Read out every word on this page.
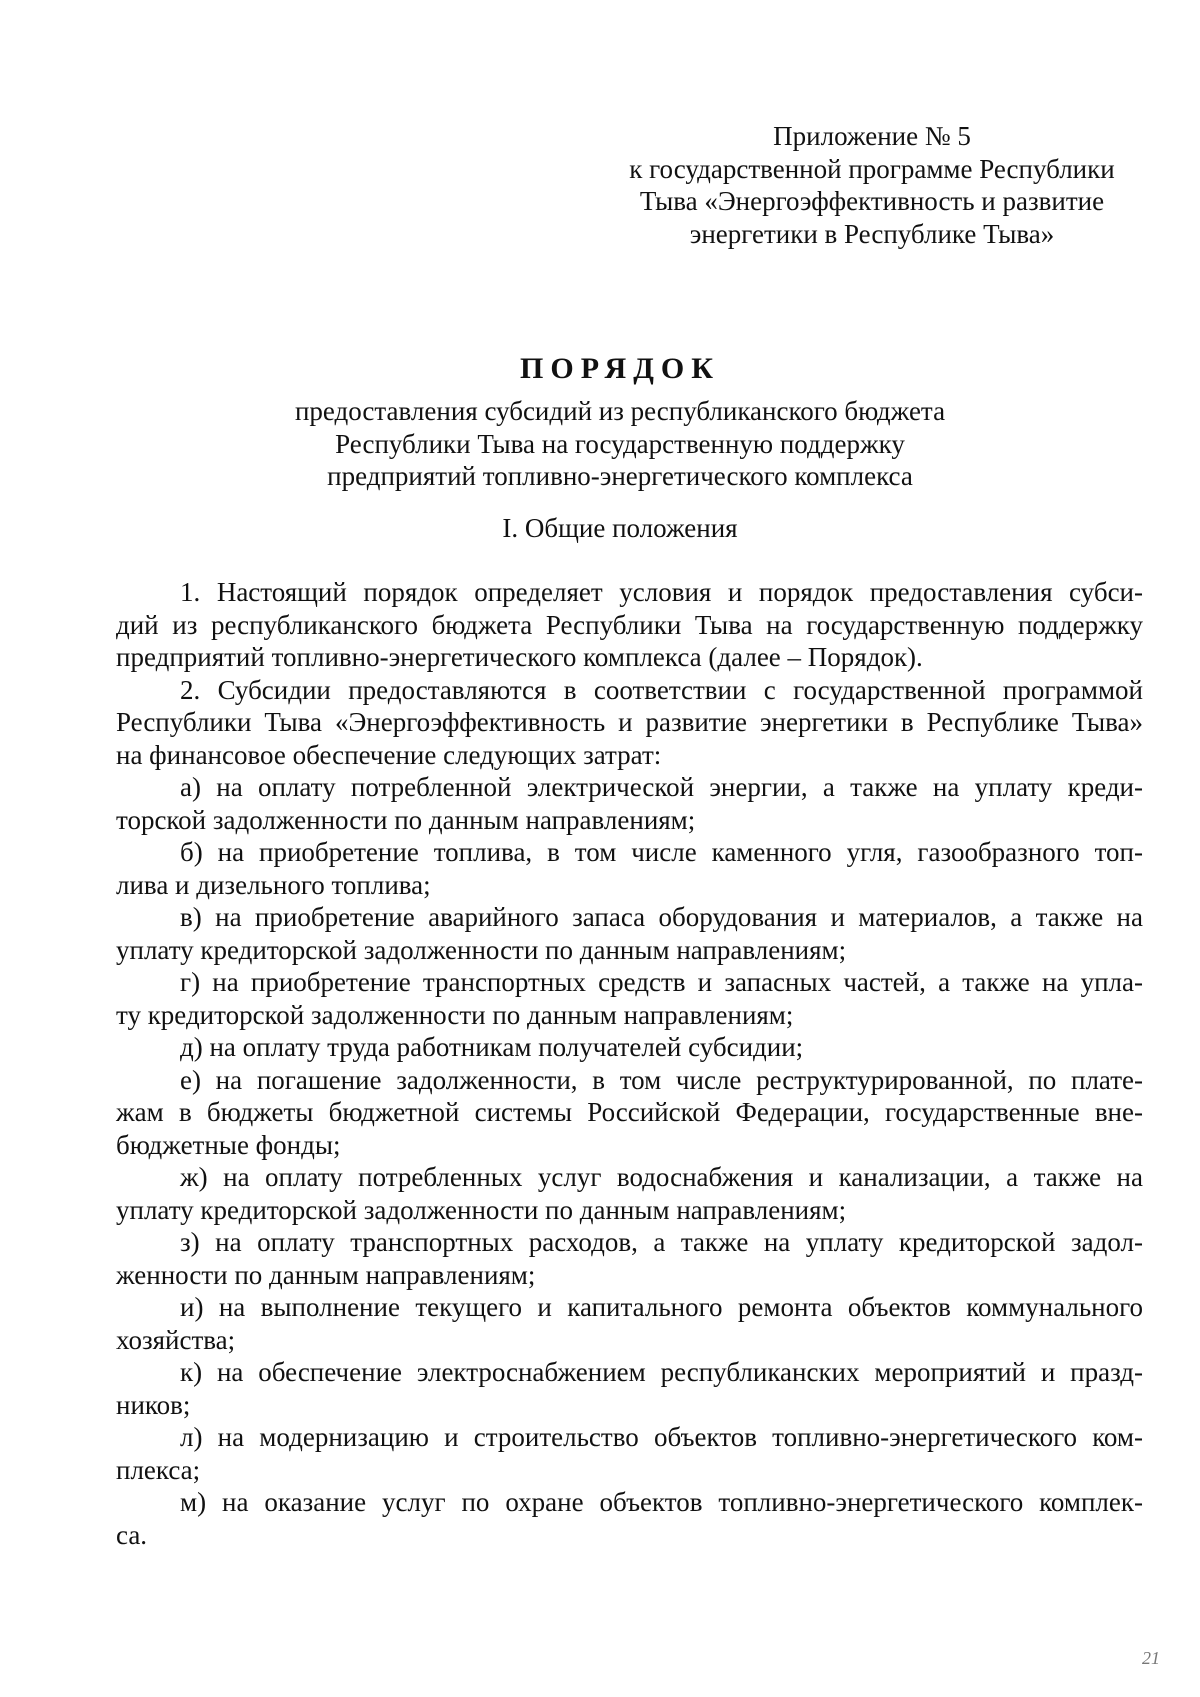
Приложение № 5
к государственной программе Республики
Тыва «Энергоэффективность и развитие
энергетики в Республике Тыва»
ПОРЯДОК
предоставления субсидий из республиканского бюджета
Республики Тыва на государственную поддержку
предприятий топливно-энергетического комплекса
I. Общие положения
1. Настоящий порядок определяет условия и порядок предоставления субси-
дий из республиканского бюджета Республики Тыва на государственную поддержку
предприятий топливно-энергетического комплекса (далее – Порядок).
2. Субсидии предоставляются в соответствии с государственной программой
Республики Тыва «Энергоэффективность и развитие энергетики в Республике Тыва»
на финансовое обеспечение следующих затрат:
а) на оплату потребленной электрической энергии, а также на уплату креди-
торской задолженности по данным направлениям;
б) на приобретение топлива, в том числе каменного угля, газообразного топ-
лива и дизельного топлива;
в) на приобретение аварийного запаса оборудования и материалов, а также на
уплату кредиторской задолженности по данным направлениям;
г) на приобретение транспортных средств и запасных частей, а также на упла-
ту кредиторской задолженности по данным направлениям;
д) на оплату труда работникам получателей субсидии;
е) на погашение задолженности, в том числе реструктурированной, по плате-
жам в бюджеты бюджетной системы Российской Федерации, государственные вне-
бюджетные фонды;
ж) на оплату потребленных услуг водоснабжения и канализации, а также на
уплату кредиторской задолженности по данным направлениям;
з) на оплату транспортных расходов, а также на уплату кредиторской задол-
женности по данным направлениям;
и) на выполнение текущего и капитального ремонта объектов коммунального
хозяйства;
к) на обеспечение электроснабжением республиканских мероприятий и празд-
ников;
л) на модернизацию и строительство объектов топливно-энергетического ком-
плекса;
м) на оказание услуг по охране объектов топливно-энергетического комплек-
са.
21
